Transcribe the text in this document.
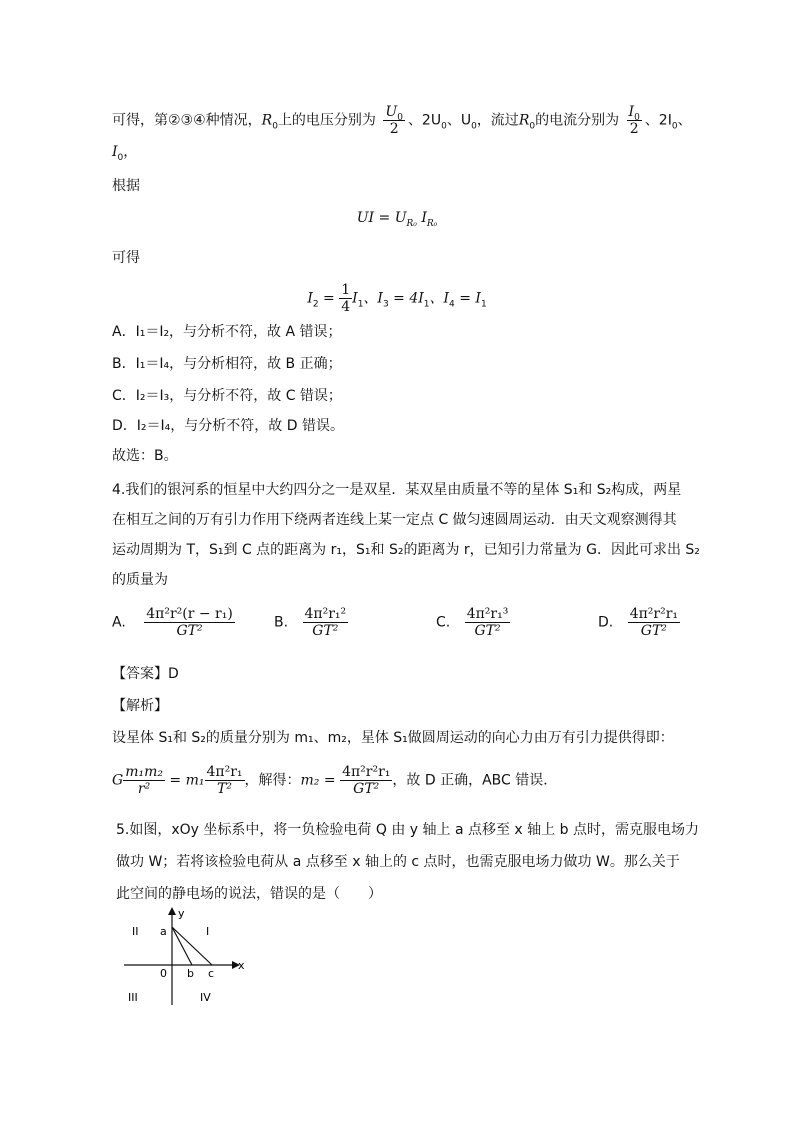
可得，第②③④种情况，$R_0$上的电压分别为 $\frac{U_0}{2}$ 、$2U_0$、$U_0$，流过$R_0$的电流分别为 $\frac{I_0}{2}$ 、$2I_0$、
$I_0$，
根据
UI = $U_{R_0}$ $I_{R_0}$
可得
$I_2 = \frac{1}{4} I_1$、$I_3 = 4I_1$、$I_4 = I_1$
A．I₁＝I₂，与分析不符，故 A 错误；
B．I₁＝I₄，与分析相符，故 B 正确；
C．I₂＝I₃，与分析不符，故 C 错误；
D．I₂＝I₄，与分析不符，故 D 错误。
故选：B。
4.我们的银河系的恒星中大约四分之一是双星．某双星由质量不等的星体 S₁和 S₂构成，两星
在相互之间的万有引力作用下绕两者连线上某一定点 C 做匀速圆周运动．由天文观察测得其
运动周期为 T，S₁到 C 点的距离为 r₁，S₁和 S₂的距离为 r，已知引力常量为 G．因此可求出 S₂
的质量为
A. $\frac{\text{4π²r²(r − r₁)}}{\text{GT²}}$	B. $\frac{\text{4π²r₁²}}{\text{GT²}}$	C. $\frac{\text{4π²r₁³}}{\text{GT²}}$	D. $\frac{\text{4π²r²r₁}}{\text{GT²}}$
【答案】D
【解析】
设星体 S₁和 S₂的质量分别为 m₁、m₂，星体 S₁做圆周运动的向心力由万有引力提供得即：
G $\frac{\text{m₁m₂}}{\text{r²}} = m_1 \frac{\text{4π²r₁}}{\text{T²}}$ ，解得：$m_2 = \frac{\text{4π²r²r₁}}{\text{GT²}}$ ，故 D 正确，ABC 错误．
5.如图，xOy 坐标系中，将一负检验电荷 Q 由 y 轴上 a 点移至 x 轴上 b 点时，需克服电场力
做功 W；若将该检验电荷从 a 点移至 x 轴上的 c 点时，也需克服电场力做功 W。那么关于
此空间的静电场的说法，错误的是（　　）
y
x
a
0 b c
I
II
III	IV
